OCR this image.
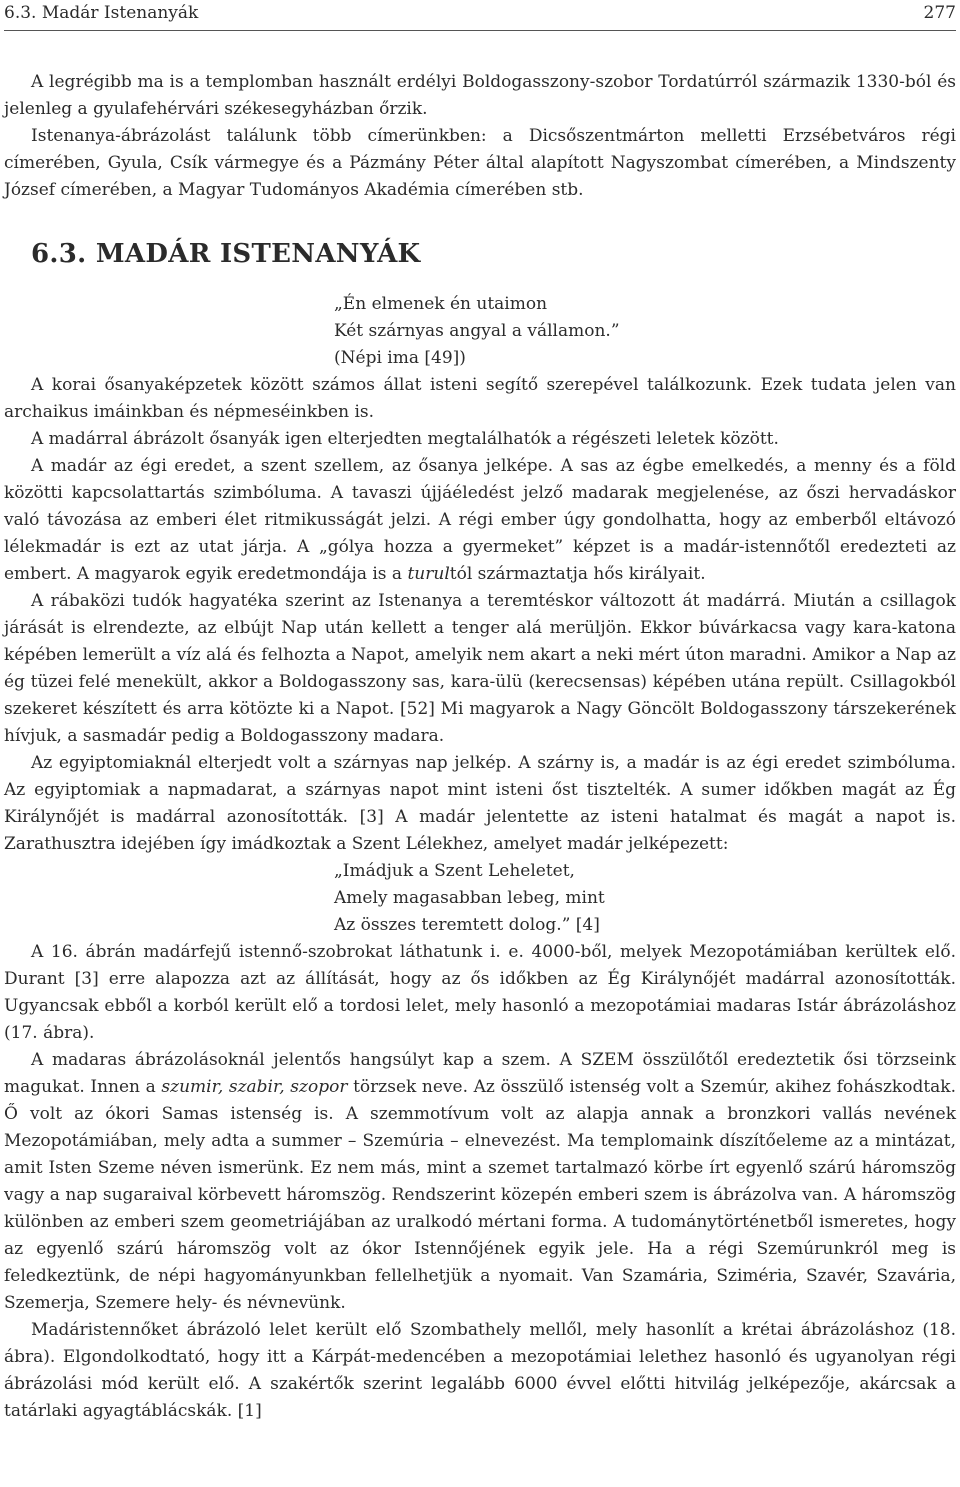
6.3. Madár Istenanyák	277

A legrégibb ma is a templomban használt erdélyi Boldogasszony-szobor Tordatúrról származik 1330-ból és jelenleg a gyulafehérvári székesegyházban őrzik.

Istenanya-ábrázolást találunk több címerünkben: a Dicsőszentmárton melletti Erzsébetváros régi címerében, Gyula, Csík vármegye és a Pázmány Péter által alapított Nagyszombat címerében, a Mindszenty József címerében, a Magyar Tudományos Akadémia címerében stb.

6.3. MADÁR ISTENANYÁK

„Én elmenek én utaimon

Két szárnyas angyal a vállamon.”

(Népi ima [49])

A korai ősanyaképzetek között számos állat isteni segítő szerepével találkozunk. Ezek tudata jelen van archaikus imáinkban és népmeséinkben is.

A madárral ábrázolt ősanyák igen elterjedten megtalálhatók a régészeti leletek között.

A madár az égi eredet, a szent szellem, az ősanya jelképe. A sas az égbe emelkedés, a menny és a föld közötti kapcsolattartás szimbóluma. A tavaszi újjáéledést jelző madarak megjelenése, az őszi hervadáskor való távozása az emberi élet ritmikusságát jelzi. A régi ember úgy gondolhatta, hogy az emberből eltávozó lélekmadár is ezt az utat járja. A „gólya hozza a gyermeket” képzet is a madár-istennőtől eredezteti az embert. A magyarok egyik eredetmondája is a turultól származtatja hős királyait.

A rábaközi tudók hagyatéka szerint az Istenanya a teremtéskor változott át madárrá. Miután a csillagok járását is elrendezte, az elbújt Nap után kellett a tenger alá merüljön. Ekkor búvárkacsa vagy kara-katona képében lemerült a víz alá és felhozta a Napot, amelyik nem akart a neki mért úton maradni. Amikor a Nap az ég tüzei felé menekült, akkor a Boldogasszony sas, kara-ülü (kerecsensas) képében utána repült. Csillagokból szekeret készített és arra kötözte ki a Napot. [52] Mi magyarok a Nagy Göncölt Boldogasszony társzekerének hívjuk, a sasmadár pedig a Boldogasszony madara.

Az egyiptomiaknál elterjedt volt a szárnyas nap jelkép. A szárny is, a madár is az égi eredet szimbóluma. Az egyiptomiak a napmadarat, a szárnyas napot mint isteni őst tisztelték. A sumer időkben magát az Ég Királynőjét is madárral azonosították. [3] A madár jelentette az isteni hatalmat és magát a napot is. Zarathusztra idejében így imádkoztak a Szent Lélekhez, amelyet madár jelképezett:

„Imádjuk a Szent Leheletet,

Amely magasabban lebeg, mint

Az összes teremtett dolog.” [4]

A 16. ábrán madárfejű istennő-szobrokat láthatunk i. e. 4000-ből, melyek Mezopotámiában kerültek elő. Durant [3] erre alapozza azt az állítását, hogy az ős időkben az Ég Királynőjét madárral azonosították. Ugyancsak ebből a korból került elő a tordosi lelet, mely hasonló a mezopotámiai madaras Istár ábrázoláshoz (17. ábra).

A madaras ábrázolásoknál jelentős hangsúlyt kap a szem. A SZEM összülőtől eredeztetik ősi törzseink magukat. Innen a szumir, szabir, szopor törzsek neve. Az összülő istenség volt a Szemúr, akihez fohászkodtak. Ő volt az ókori Samas istenség is. A szemmotívum volt az alapja annak a bronzkori vallás nevének Mezopotámiában, mely adta a summer – Szemúria – elnevezést. Ma templomaink díszítőeleme az a mintázat, amit Isten Szeme néven ismerünk. Ez nem más, mint a szemet tartalmazó körbe írt egyenlő szárú háromszög vagy a nap sugaraival körbevett háromszög. Rendszerint közepén emberi szem is ábrázolva van. A háromszög különben az emberi szem geometriájában az uralkodó mértani forma. A tudománytörténetből ismeretes, hogy az egyenlő szárú háromszög volt az ókor Istennőjének egyik jele. Ha a régi Szemúrunkról meg is feledkeztünk, de népi hagyományunkban fellelhetjük a nyomait. Van Szamária, Sziméria, Szavér, Szavária, Szemerja, Szemere hely- és névnevünk.

Madáristennőket ábrázoló lelet került elő Szombathely mellől, mely hasonlít a krétai ábrázoláshoz (18. ábra). Elgondolkodtató, hogy itt a Kárpát-medencében a mezopotámiai lelethez hasonló és ugyanolyan régi ábrázolási mód került elő. A szakértők szerint legalább 6000 évvel előtti hitvilág jelképezője, akárcsak a tatárlaki agyagtáblácskák. [1]
